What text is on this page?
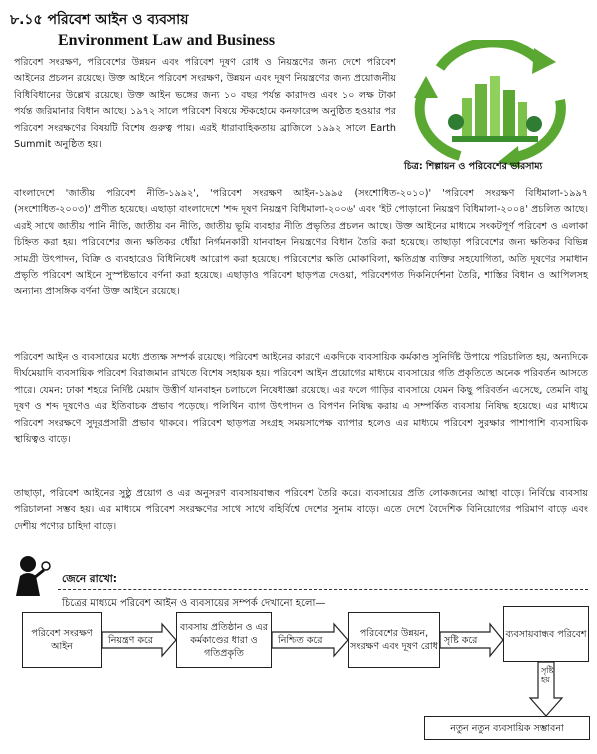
৮.১৫ পরিবেশ আইন ও ব্যবসায়
Environment Law and Business
চিত্র: শিল্পায়ন ও পরিবেশের ভারসাম্য

পরিবেশ সংরক্ষণ, পরিবেশের উন্নয়ন এবং পরিবেশ দূষণ রোধ ও নিয়ন্ত্রণের জন্য দেশে পরিবেশ আইনের প্রচলন রয়েছে। উক্ত আইনে পরিবেশ সংরক্ষণ, উন্নয়ন এবং দূষণ নিয়ন্ত্রণের জন্য প্রয়োজনীয় বিধিবিধানের উল্লেখ রয়েছে। উক্ত আইন ভঙ্গের জন্য ১০ বছর পর্যন্ত কারাদণ্ড এবং ১০ লক্ষ টাকা পর্যন্ত জরিমানার বিধান আছে। ১৯৭২ সালে পরিবেশ বিষয়ে স্টকহোমে কনফারেন্স অনুষ্ঠিত হওয়ার পর পরিবেশ সংরক্ষণের বিষয়টি বিশেষ গুরুত্ব পায়। এরই ধারাবাহিকতায় ব্রাজিলে ১৯৯২ সালে Earth Summit অনুষ্ঠিত হয়।

বাংলাদেশে 'জাতীয় পরিবেশ নীতি-১৯৯২', 'পরিবেশ সংরক্ষণ আইন-১৯৯৫ (সংশোধিত-২০১০)' 'পরিবেশ সংরক্ষণ বিধিমালা-১৯৯৭ (সংশোধিত-২০০৩)' প্রণীত হয়েছে। এছাড়া বাংলাদেশে 'শব্দ দূষণ নিয়ন্ত্রণ বিধিমালা-২০০৬' এবং 'ইট পোড়ানো নিয়ন্ত্রণ বিধিমালা-২০০৪' প্রচলিত আছে। এরই সাথে জাতীয় পানি নীতি, জাতীয় বন নীতি, জাতীয় ভূমি ব্যবহার নীতি প্রভৃতির প্রচলন আছে। উক্ত আইনের মাধ্যমে সংকটপূর্ণ পরিবেশ ও এলাকা চিহ্নিত করা হয়। পরিবেশের জন্য ক্ষতিকর ধোঁয়া নির্গমনকারী যানবাহন নিয়ন্ত্রণের বিধান তৈরি করা হয়েছে। তাছাড়া পরিবেশের জন্য ক্ষতিকর বিভিন্ন সামগ্রী উৎপাদন, বিক্রি ও ব্যবহারেও বিধিনিষেধ আরোপ করা হয়েছে। পরিবেশের ক্ষতি মোকাবিলা, ক্ষতিগ্রস্ত ব্যক্তির সহযোগিতা, অতি দূষণের সমাধান প্রভৃতি পরিবেশ আইনে সুস্পষ্টভাবে বর্ণনা করা হয়েছে। এছাড়াও পরিবেশ ছাড়পত্র দেওয়া, পরিবেশগত দিকনির্দেশনা তৈরি, শাস্তির বিধান ও আপিলসহ অন্যান্য প্রাসঙ্গিক বর্ণনা উক্ত আইনে রয়েছে।

পরিবেশ আইন ও ব্যবসায়ের মধ্যে প্রত্যক্ষ সম্পর্ক রয়েছে। পরিবেশ আইনের কারণে একদিকে ব্যবসায়িক কর্মকাণ্ড সুনির্দিষ্ট উপায়ে পরিচালিত হয়, অন্যদিকে দীর্ঘমেয়াদি ব্যবসায়িক পরিবেশ বিরাজমান রাখতে বিশেষ সহায়ক হয়। পরিবেশ আইন প্রয়োগের মাধ্যমে ব্যবসায়ের গতি প্রকৃতিতে অনেক পরিবর্তন আসতে পারে। যেমন: ঢাকা শহরে নির্দিষ্ট মেয়াদ উত্তীর্ণ যানবাহন চলাচলে নিষেধাজ্ঞা রয়েছে। এর ফলে গাড়ির ব্যবসায়ে যেমন কিছু পরিবর্তন এসেছে, তেমনি বায়ু দূষণ ও শব্দ দূষণেও এর ইতিবাচক প্রভাব পড়েছে। পলিথিন ব্যাগ উৎপাদন ও বিপণন নিষিদ্ধ করায় এ সম্পর্কিত ব্যবসায় নিষিদ্ধ হয়েছে। এর মাধ্যমে পরিবেশ সংরক্ষণে সুদূরপ্রসারী প্রভাব থাকবে। পরিবেশ ছাড়পত্র সংগ্রহ সময়সাপেক্ষ ব্যাপার হলেও এর মাধ্যমে পরিবেশ সুরক্ষার পাশাপাশি ব্যবসায়িক স্থায়িত্বও বাড়ে।

তাছাড়া, পরিবেশ আইনের সুষ্ঠু প্রয়োগ ও এর অনুসরণ ব্যবসায়বান্ধব পরিবেশ তৈরি করে। ব্যবসায়ের প্রতি লোকজনের আস্থা বাড়ে। নির্বিঘ্নে ব্যবসায় পরিচালনা সম্ভব হয়। এর মাধ্যমে পরিবেশ সংরক্ষণের সাথে সাথে বহির্বিশ্বে দেশের সুনাম বাড়ে। এতে দেশে বৈদেশিক বিনিয়োগের পরিমাণ বাড়ে এবং দেশীয় পণ্যের চাহিদা বাড়ে।

জেনে রাখো:
চিত্রের মাধ্যমে পরিবেশ আইন ও ব্যবসায়ের সম্পর্ক দেখানো হলো—
পরিবেশ সংরক্ষণ আইন
নিয়ন্ত্রণ করে
ব্যবসায় প্রতিষ্ঠান ও এর কর্মকাণ্ডের ধারা ও গতিপ্রকৃতি
নিশ্চিত করে
পরিবেশের উন্নয়ন, সংরক্ষণ এবং দূষণ রোধ
সৃষ্টি করে
ব্যবসায়বান্ধব পরিবেশ
সৃষ্টি হয়
নতুন নতুন ব্যবসায়িক সম্ভাবনা
